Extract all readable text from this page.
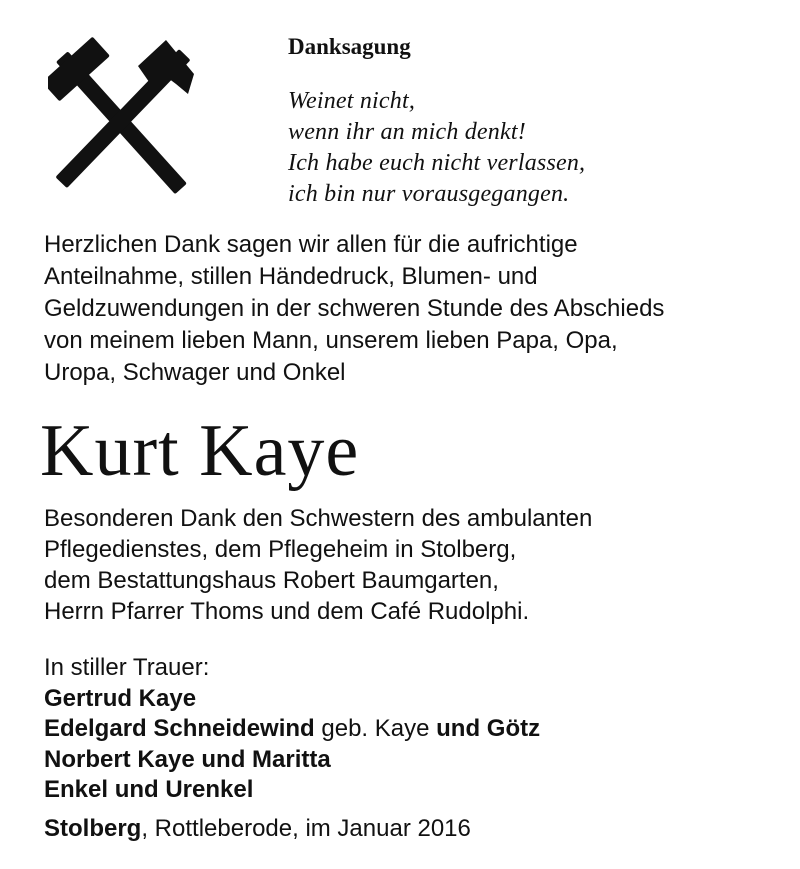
Danksagung
Weinet nicht,
wenn ihr an mich denkt!
Ich habe euch nicht verlassen,
ich bin nur vorausgegangen.
Herzlichen Dank sagen wir allen für die aufrichtige
Anteilnahme, stillen Händedruck, Blumen- und
Geldzuwendungen in der schweren Stunde des Abschieds
von meinem lieben Mann, unserem lieben Papa, Opa,
Uropa, Schwager und Onkel
Kurt Kaye
Besonderen Dank den Schwestern des ambulanten
Pflegedienstes, dem Pflegeheim in Stolberg,
dem Bestattungshaus Robert Baumgarten,
Herrn Pfarrer Thoms und dem Café Rudolphi.
In stiller Trauer:
Gertrud Kaye
Edelgard Schneidewind geb. Kaye und Götz
Norbert Kaye und Maritta
Enkel und Urenkel
Stolberg, Rottleberode, im Januar 2016
